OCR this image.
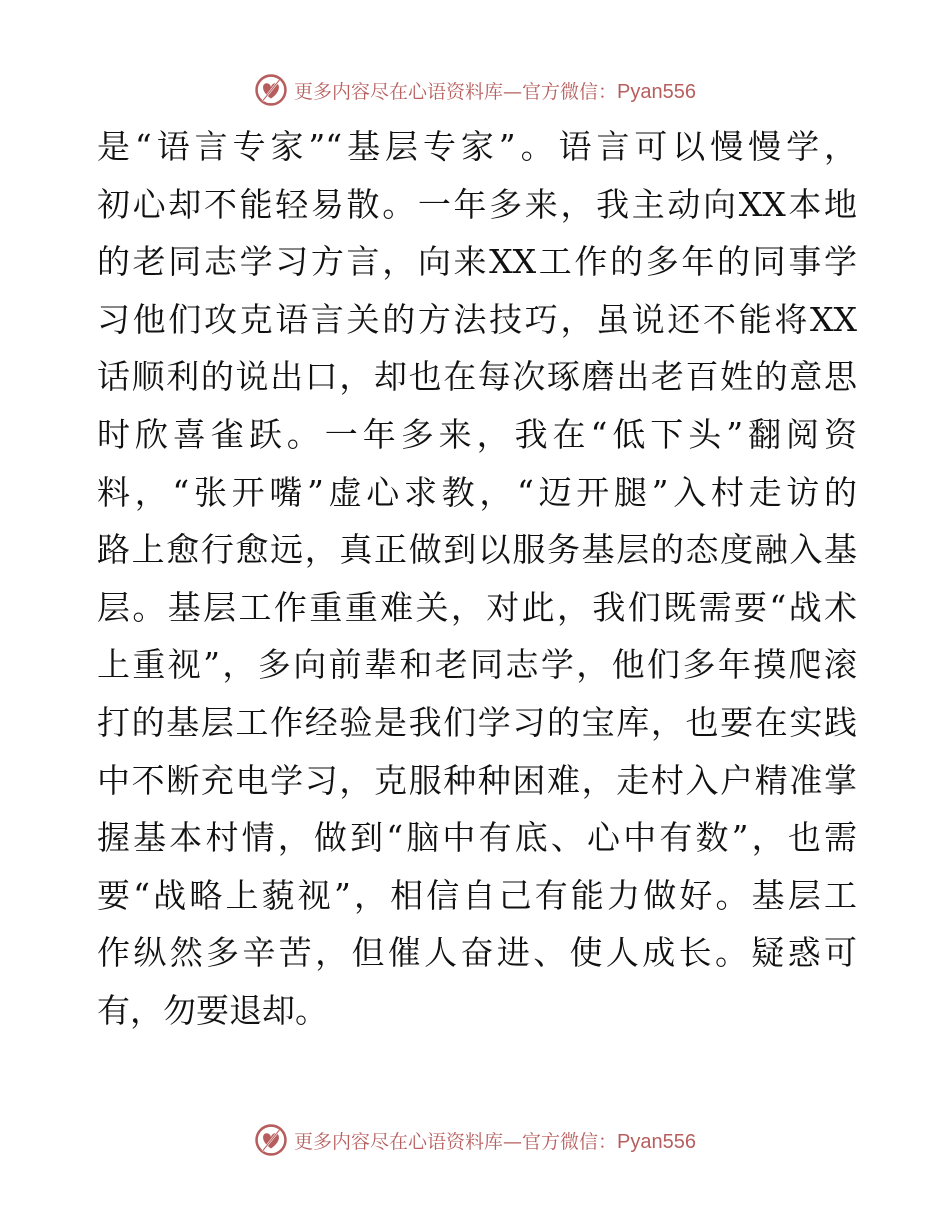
更多内容尽在心语资料库—官方微信：Pyan556
是“语言专家”“基层专家”。语言可以慢慢学，
初心却不能轻易散。一年多来，我主动向XX本地
的老同志学习方言，向来XX工作的多年的同事学
习他们攻克语言关的方法技巧，虽说还不能将XX
话顺利的说出口，却也在每次琢磨出老百姓的意思
时欣喜雀跃。一年多来，我在“低下头”翻阅资
料，“张开嘴”虚心求教，“迈开腿”入村走访的
路上愈行愈远，真正做到以服务基层的态度融入基
层。基层工作重重难关，对此，我们既需要“战术
上重视”，多向前辈和老同志学，他们多年摸爬滚
打的基层工作经验是我们学习的宝库，也要在实践
中不断充电学习，克服种种困难，走村入户精准掌
握基本村情，做到“脑中有底、心中有数”，也需
要“战略上藐视”，相信自己有能力做好。基层工
作纵然多辛苦，但催人奋进、使人成长。疑惑可
有，勿要退却。
更多内容尽在心语资料库—官方微信：Pyan556
